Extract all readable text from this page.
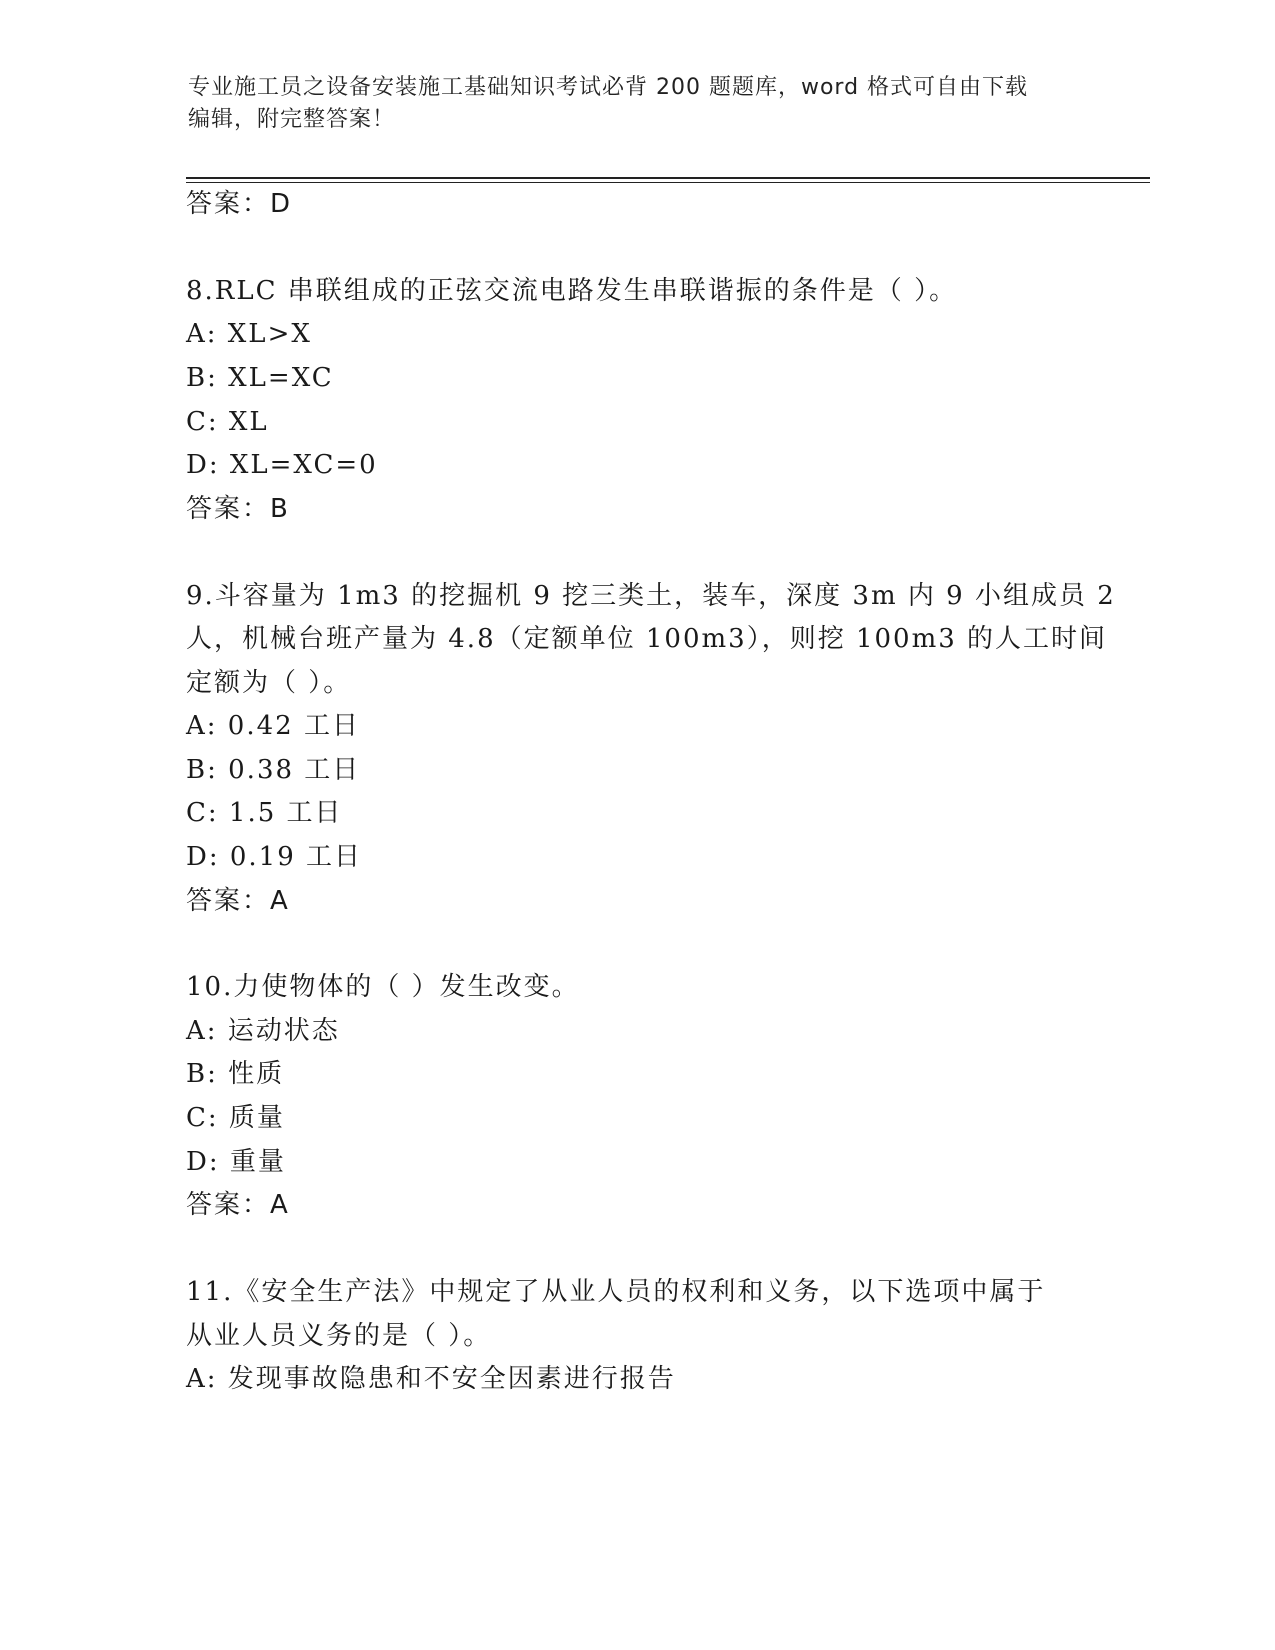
专业施工员之设备安装施工基础知识考试必背 200 题题库，word 格式可自由下载
编辑，附完整答案！
答案：D
8.RLC 串联组成的正弦交流电路发生串联谐振的条件是（ ）。
A: XL>X
B: XL=XC
C: XL
D: XL=XC=0
答案：B
9.斗容量为 1m3 的挖掘机 9 挖三类土，装车，深度 3m 内 9 小组成员 2
人，机械台班产量为 4.8（定额单位 100m3），则挖 100m3 的人工时间
定额为（ ）。
A: 0.42 工日
B: 0.38 工日
C: 1.5 工日
D: 0.19 工日
答案：A
10.力使物体的（ ）发生改变。
A: 运动状态
B: 性质
C: 质量
D: 重量
答案：A
11.《安全生产法》中规定了从业人员的权利和义务，以下选项中属于
从业人员义务的是（ ）。
A: 发现事故隐患和不安全因素进行报告
